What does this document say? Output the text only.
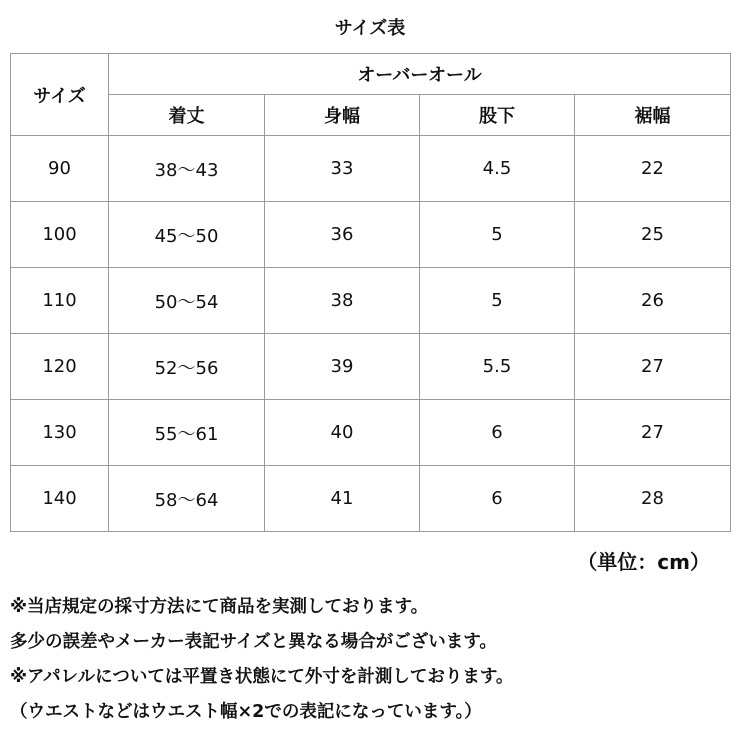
サイズ表
サイズ	オーバーオール			
	着丈	身幅	股下	裾幅
90	38～43	33	4.5	22
100	45～50	36	5	25
110	50～54	38	5	26
120	52～56	39	5.5	27
130	55～61	40	6	27
140	58～64	41	6	28
（単位：cm）
※当店規定の採寸方法にて商品を実測しております。
多少の誤差やメーカー表記サイズと異なる場合がございます。
※アパレルについては平置き状態にて外寸を計測しております。
（ウエストなどはウエスト幅×2での表記になっています。）
